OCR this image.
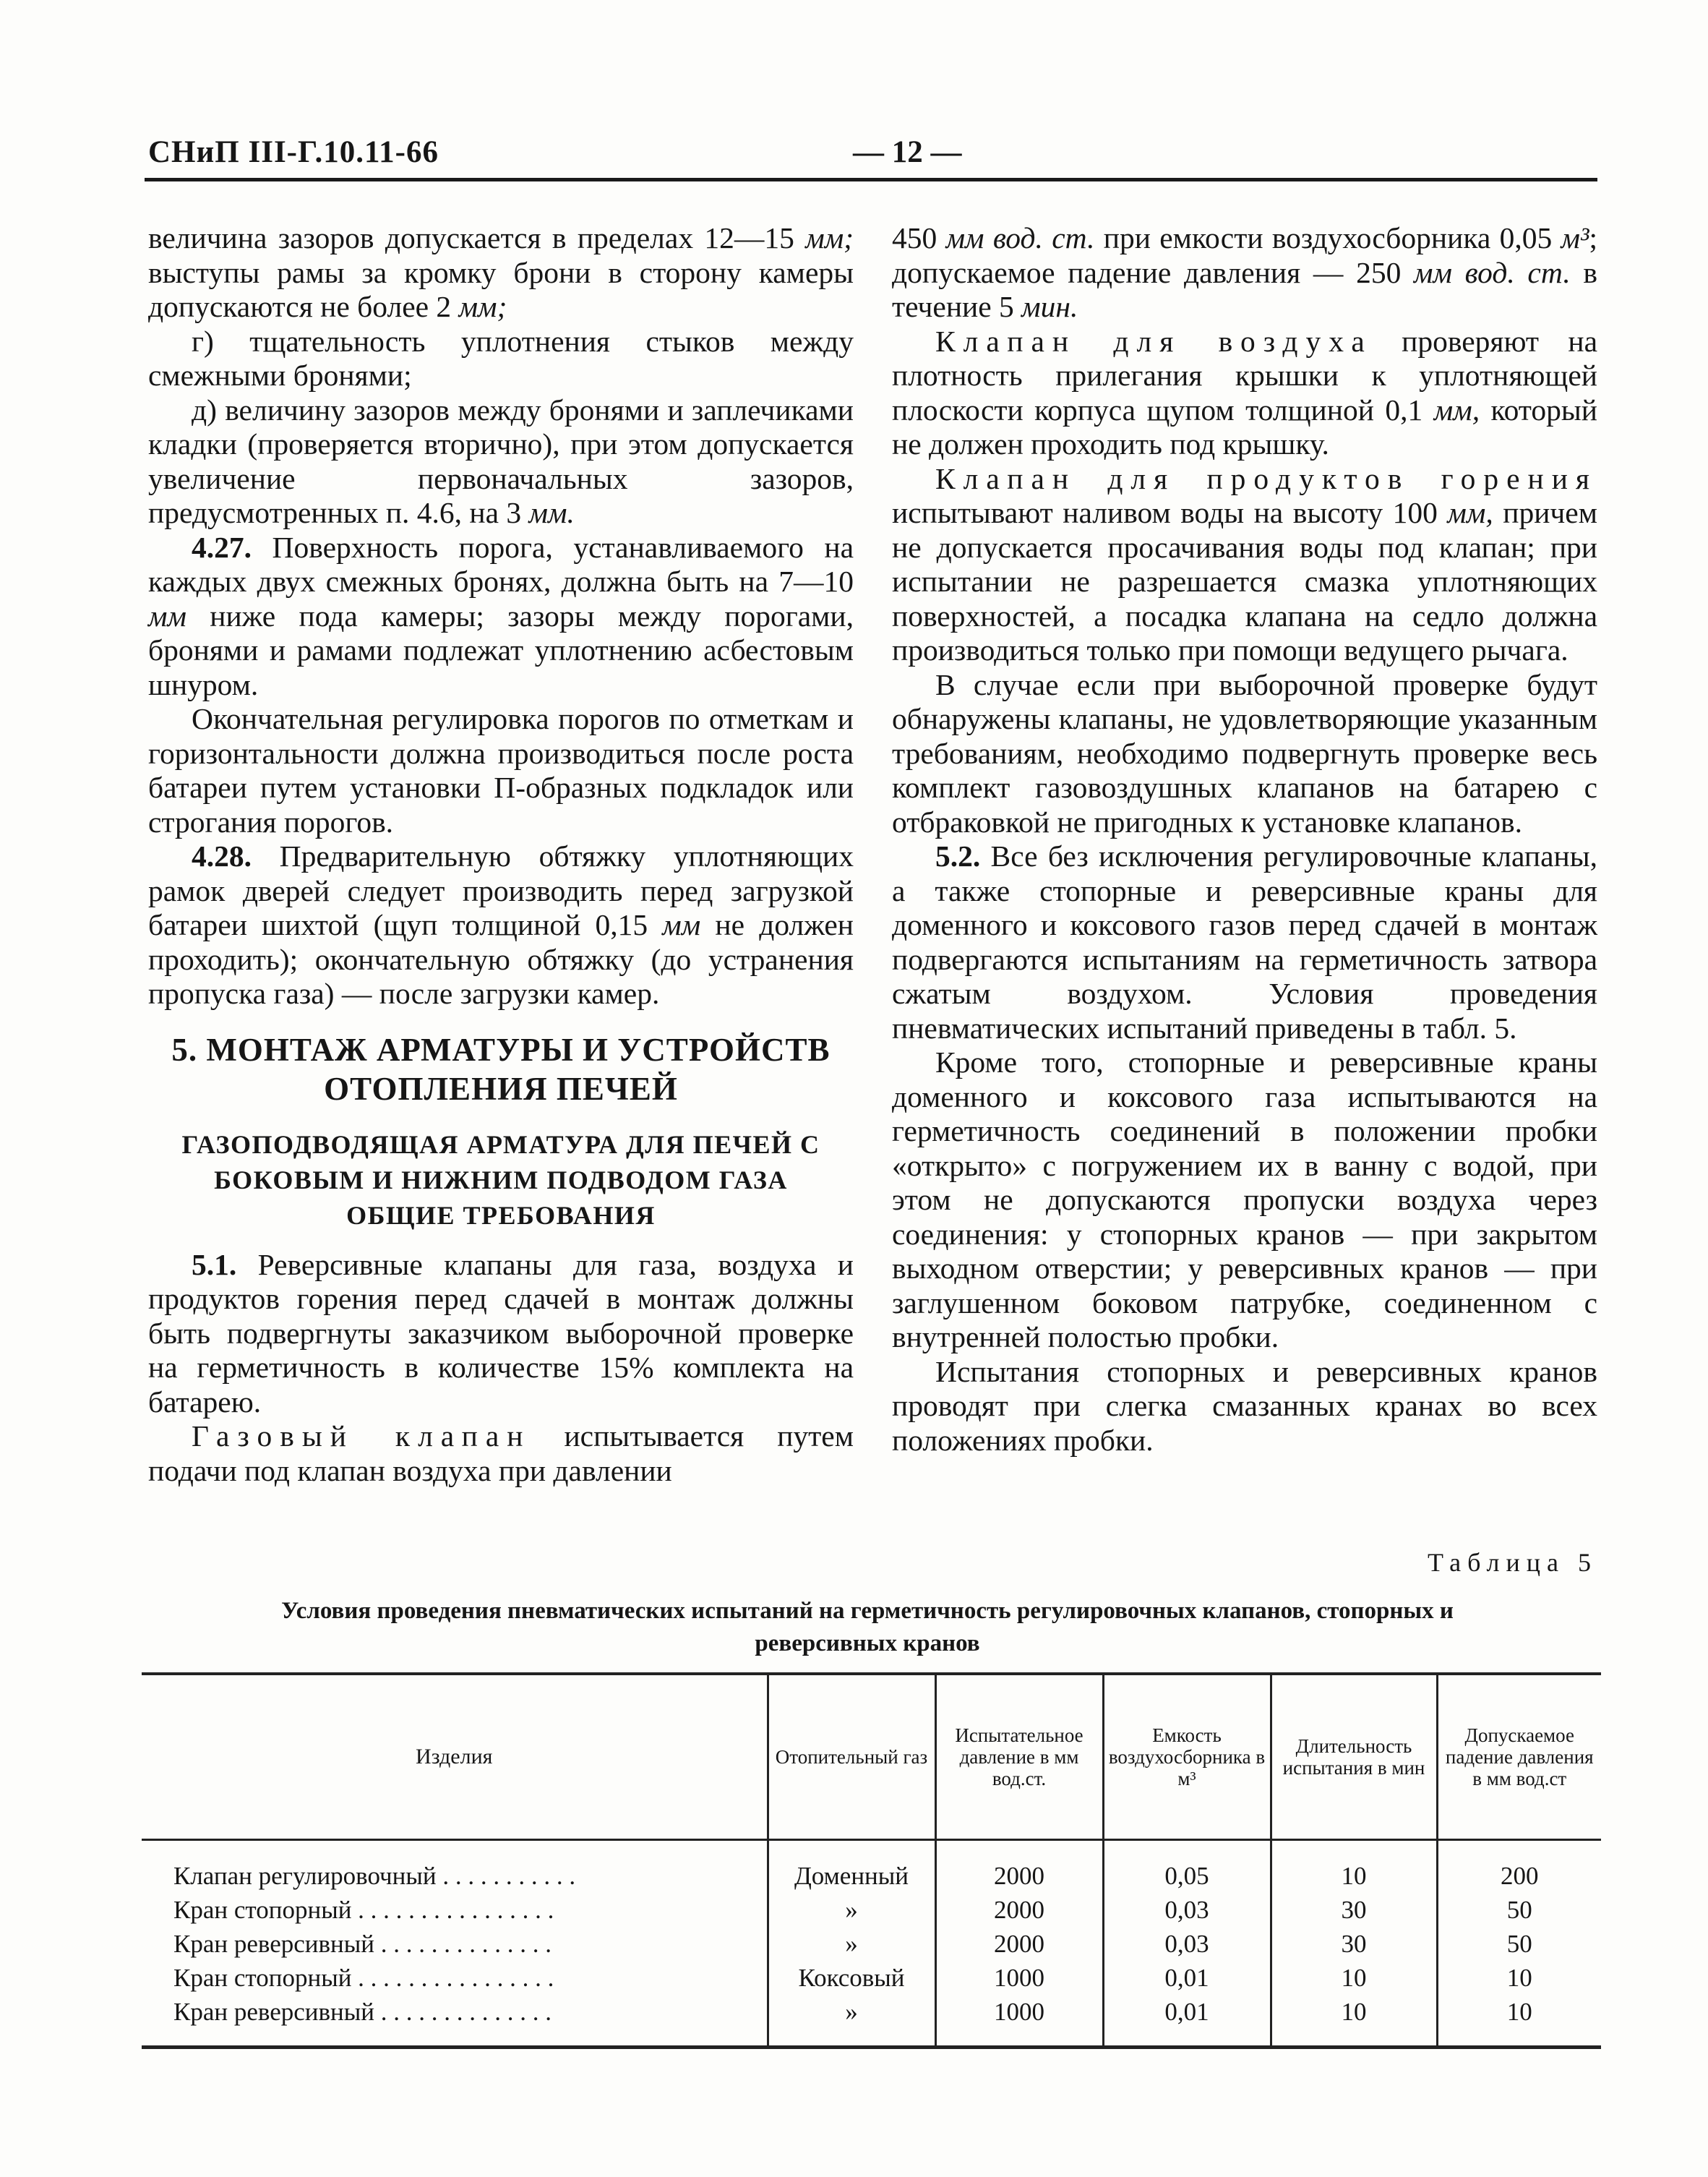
СНиП III-Г.10.11-66	— 12 —

величина зазоров допускается в пределах 12—15 мм; выступы рамы за кромку брони в сторону камеры допускаются не более 2 мм;

г) тщательность уплотнения стыков между смежными бронями;

д) величину зазоров между бронями и заплечиками кладки (проверяется вторично), при этом допускается увеличение первоначальных зазоров, предусмотренных п. 4.6, на 3 мм.

4.27. Поверхность порога, устанавливаемого на каждых двух смежных бронях, должна быть на 7—10 мм ниже пода камеры; зазоры между порогами, бронями и рамами подлежат уплотнению асбестовым шнуром.

Окончательная регулировка порогов по отметкам и горизонтальности должна производиться после роста батареи путем установки П-образных подкладок или строгания порогов.

4.28. Предварительную обтяжку уплотняющих рамок дверей следует производить перед загрузкой батареи шихтой (щуп толщиной 0,15 мм не должен проходить); окончательную обтяжку (до устранения пропуска газа) — после загрузки камер.

5. МОНТАЖ АРМАТУРЫ И УСТРОЙСТВ ОТОПЛЕНИЯ ПЕЧЕЙ
ГАЗОПОДВОДЯЩАЯ АРМАТУРА ДЛЯ ПЕЧЕЙ С БОКОВЫМ И НИЖНИМ ПОДВОДОМ ГАЗА
ОБЩИЕ ТРЕБОВАНИЯ

5.1. Реверсивные клапаны для газа, воздуха и продуктов горения перед сдачей в монтаж должны быть подвергнуты заказчиком выборочной проверке на герметичность в количестве 15% комплекта на батарею.

Газовый клапан испытывается путем подачи под клапан воздуха при давлении

450 мм вод. ст. при емкости воздухосборника 0,05 м³; допускаемое падение давления — 250 мм вод. ст. в течение 5 мин.

Клапан для воздуха проверяют на плотность прилегания крышки к уплотняющей плоскости корпуса щупом толщиной 0,1 мм, который не должен проходить под крышку.

Клапан для продуктов горения испытывают наливом воды на высоту 100 мм, причем не допускается просачивания воды под клапан; при испытании не разрешается смазка уплотняющих поверхностей, а посадка клапана на седло должна производиться только при помощи ведущего рычага.

В случае если при выборочной проверке будут обнаружены клапаны, не удовлетворяющие указанным требованиям, необходимо подвергнуть проверке весь комплект газовоздушных клапанов на батарею с отбраковкой не пригодных к установке клапанов.

5.2. Все без исключения регулировочные клапаны, а также стопорные и реверсивные краны для доменного и коксового газов перед сдачей в монтаж подвергаются испытаниям на герметичность затвора сжатым воздухом. Условия проведения пневматических испытаний приведены в табл. 5.

Кроме того, стопорные и реверсивные краны доменного и коксового газа испытываются на герметичность соединений в положении пробки «открыто» с погружением их в ванну с водой, при этом не допускаются пропуски воздуха через соединения: у стопорных кранов — при закрытом выходном отверстии; у реверсивных кранов — при заглушенном боковом патрубке, соединенном с внутренней полостью пробки.

Испытания стопорных и реверсивных кранов проводят при слегка смазанных кранах во всех положениях пробки.

Таблица 5
Условия проведения пневматических испытаний на герметичность регулировочных клапанов, стопорных и реверсивных кранов
Изделия	Отопительный газ	Испытательное давление в мм вод.ст.	Емкость воздухосборника в м³	Длительность испытания в мин	Допускаемое падение давления в мм вод.ст
Клапан регулировочный . . . . . . . . . . .	Доменный	2000	0,05	10	200
Кран стопорный . . . . . . . . . . . . . . . .	»	2000	0,03	30	50
Кран реверсивный . . . . . . . . . . . . . .	»	2000	0,03	30	50
Кран стопорный . . . . . . . . . . . . . . . .	Коксовый	1000	0,01	10	10
Кран реверсивный . . . . . . . . . . . . . .	»	1000	0,01	10	10
